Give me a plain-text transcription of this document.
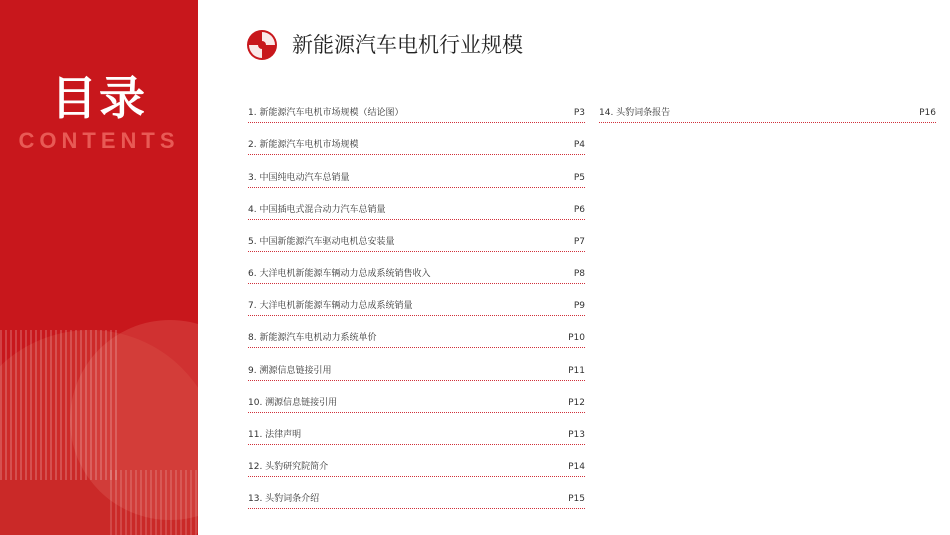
目录
CONTENTS
新能源汽车电机行业规模
1. 新能源汽车电机市场规模（结论图）	P3
2. 新能源汽车电机市场规模	P4
3. 中国纯电动汽车总销量	P5
4. 中国插电式混合动力汽车总销量	P6
5. 中国新能源汽车驱动电机总安装量	P7
6. 大洋电机新能源车辆动力总成系统销售收入	P8
7. 大洋电机新能源车辆动力总成系统销量	P9
8. 新能源汽车电机动力系统单价	P10
9. 溯源信息链接引用	P11
10. 溯源信息链接引用	P12
11. 法律声明	P13
12. 头豹研究院简介	P14
13. 头豹词条介绍	P15
14. 头豹词条报告	P16
